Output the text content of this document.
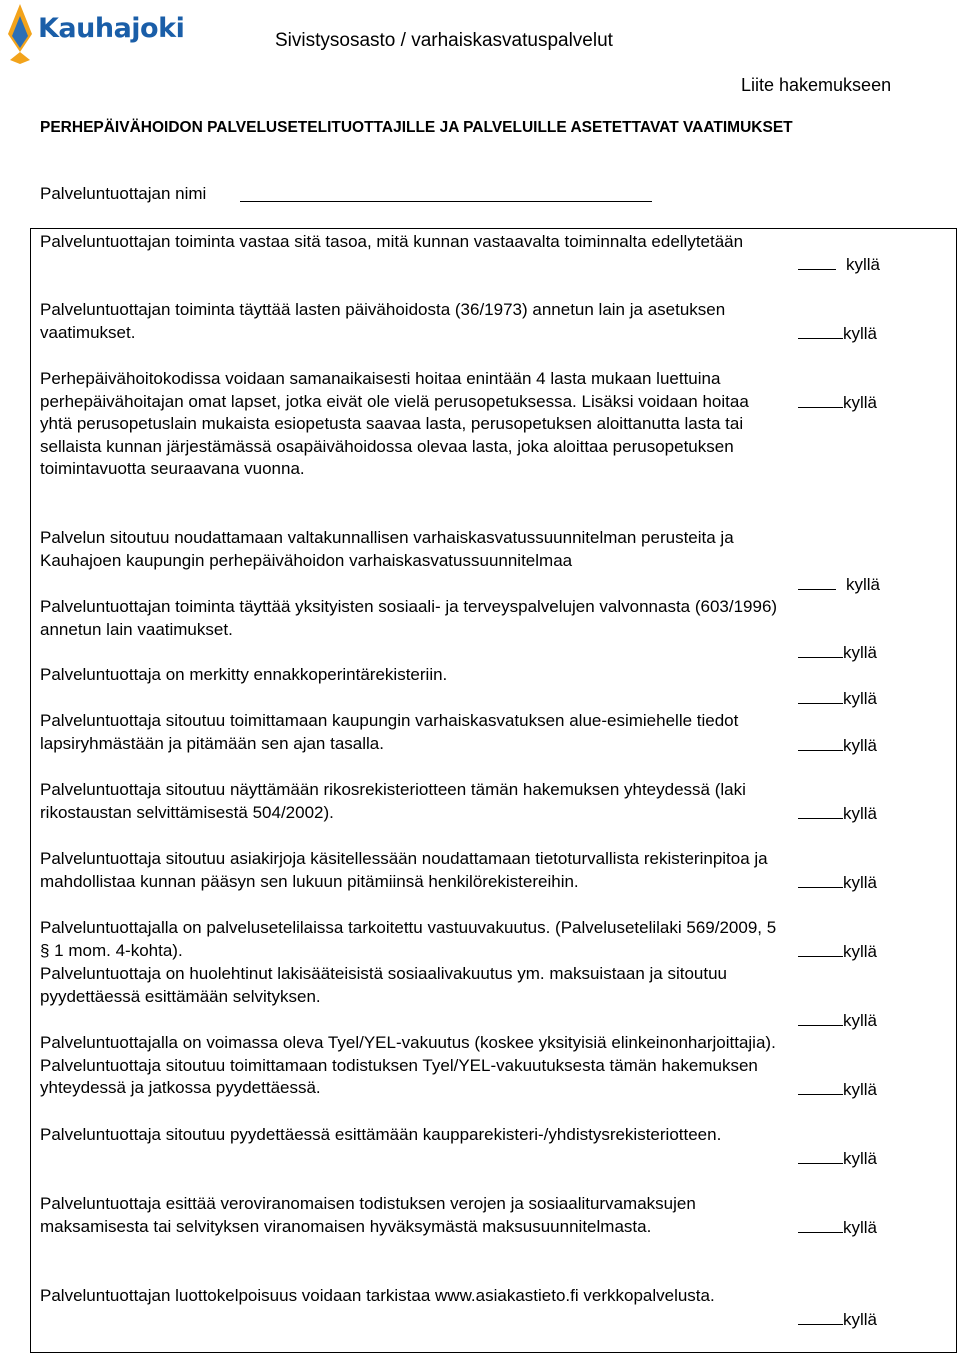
Kauhajoki	Sivistysosasto / varhaiskasvatuspalvelut
Liite hakemukseen
PERHEPÄIVÄHOIDON PALVELUSETELITUOTTAJILLE JA PALVELUILLE ASETETTAVAT VAATIMUKSET
Palveluntuottajan nimi
Palveluntuottajan toiminta vastaa sitä tasoa, mitä kunnan vastaavalta toiminnalta edellytetään
Palveluntuottajan toiminta täyttää lasten päivähoidosta (36/1973) annetun lain ja asetuksen vaatimukset.
Perhepäivähoitokodissa voidaan samanaikaisesti hoitaa enintään 4 lasta mukaan luettuina perhepäivähoitajan omat lapset, jotka eivät ole vielä perusopetuksessa. Lisäksi voidaan hoitaa yhtä perusopetuslain mukaista esiopetusta saavaa lasta, perusopetuksen aloittanutta lasta tai sellaista kunnan järjestämässä osapäivähoidossa olevaa lasta, joka aloittaa perusopetuksen toimintavuotta seuraavana vuonna.
Palvelun sitoutuu noudattamaan valtakunnallisen varhaiskasvatussuunnitelman perusteita ja Kauhajoen kaupungin perhepäivähoidon varhaiskasvatussuunnitelmaa
Palveluntuottajan toiminta täyttää yksityisten sosiaali- ja terveyspalvelujen valvonnasta (603/1996) annetun lain vaatimukset.
Palveluntuottaja on merkitty ennakkoperintärekisteriin.
Palveluntuottaja sitoutuu toimittamaan kaupungin varhaiskasvatuksen alue-esimiehelle tiedot lapsiryhmästään ja pitämään sen ajan tasalla.
Palveluntuottaja sitoutuu näyttämään rikosrekisteriotteen tämän hakemuksen yhteydessä (laki rikostaustan selvittämisestä 504/2002).
Palveluntuottaja sitoutuu asiakirjoja käsitellessään noudattamaan tietoturvallista rekisterinpitoa ja mahdollistaa kunnan pääsyn sen lukuun pitämiinsä henkilörekistereihin.
Palveluntuottajalla on palvelusetelilaissa tarkoitettu vastuuvakuutus. (Palvelusetelilaki 569/2009, 5 § 1 mom. 4-kohta).
Palveluntuottaja on huolehtinut lakisääteisistä sosiaalivakuutus ym. maksuistaan ja sitoutuu pyydettäessä esittämään selvityksen.
Palveluntuottajalla on voimassa oleva Tyel/YEL-vakuutus (koskee yksityisiä elinkeinonharjoittajia). Palveluntuottaja sitoutuu toimittamaan todistuksen Tyel/YEL-vakuutuksesta tämän hakemuksen yhteydessä ja jatkossa pyydettäessä.
Palveluntuottaja sitoutuu pyydettäessä esittämään kaupparekisteri-/yhdistysrekisteriotteen.
Palveluntuottaja esittää veroviranomaisen todistuksen verojen ja sosiaaliturvamaksujen maksamisesta tai selvityksen viranomaisen hyväksymästä maksusuunnitelmasta.
Palveluntuottajan luottokelpoisuus voidaan tarkistaa www.asiakastieto.fi verkkopalvelusta.
kyllä
kyllä
kyllä
kyllä
kyllä
kyllä
kyllä
kyllä
kyllä
kyllä
kyllä
kyllä
kyllä
kyllä
kyllä
